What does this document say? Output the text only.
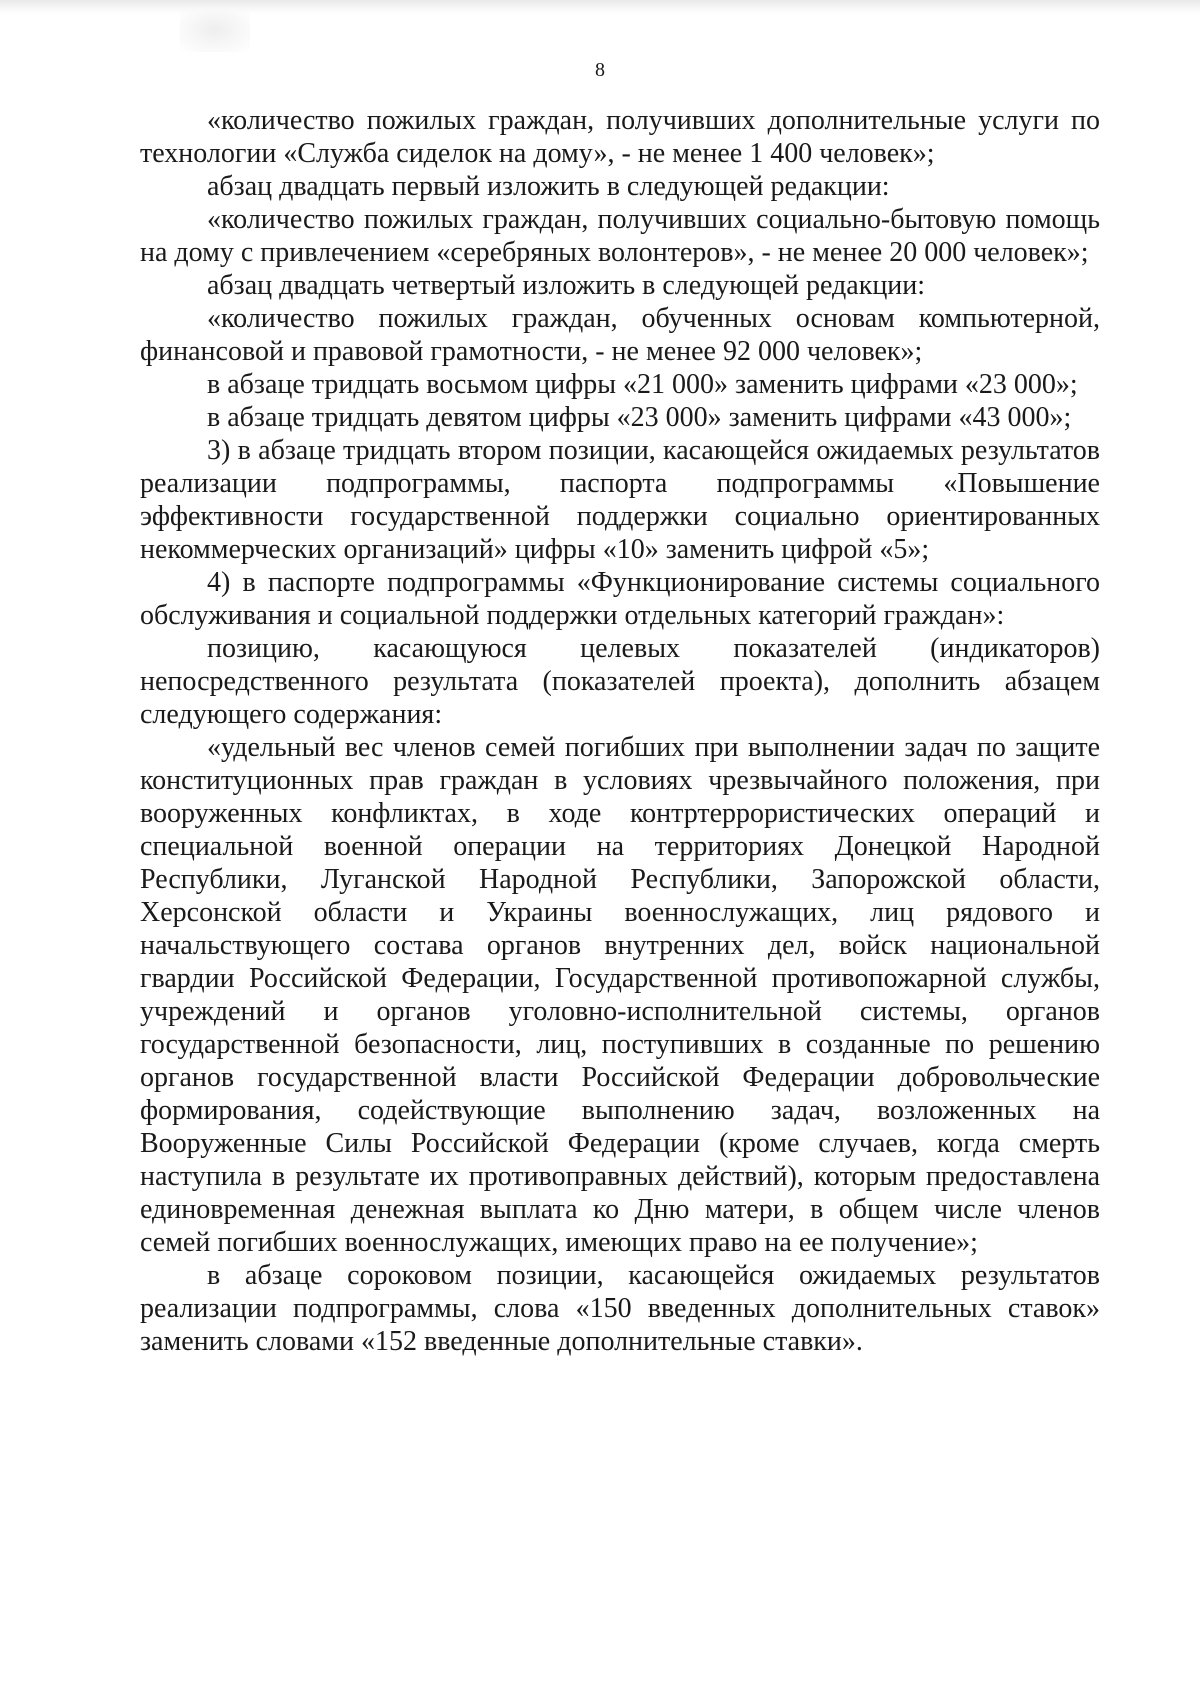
8

«количество пожилых граждан, получивших дополнительные услуги по технологии «Служба сиделок на дому», - не менее 1 400 человек»;

абзац двадцать первый изложить в следующей редакции:

«количество пожилых граждан, получивших социально-бытовую помощь на дому с привлечением «серебряных волонтеров», - не менее 20 000 человек»;

абзац двадцать четвертый изложить в следующей редакции:

«количество пожилых граждан, обученных основам компьютерной, финансовой и правовой грамотности, - не менее 92 000 человек»;

в абзаце тридцать восьмом цифры «21 000» заменить цифрами «23 000»;

в абзаце тридцать девятом цифры «23 000» заменить цифрами «43 000»;

3) в абзаце тридцать втором позиции, касающейся ожидаемых результатов реализации подпрограммы, паспорта подпрограммы «Повышение эффективности государственной поддержки социально ориентированных некоммерческих организаций» цифры «10» заменить цифрой «5»;

4) в паспорте подпрограммы «Функционирование системы социального обслуживания и социальной поддержки отдельных категорий граждан»:

позицию, касающуюся целевых показателей (индикаторов) непосредственного результата (показателей проекта), дополнить абзацем следующего содержания:

«удельный вес членов семей погибших при выполнении задач по защите конституционных прав граждан в условиях чрезвычайного положения, при вооруженных конфликтах, в ходе контртеррористических операций и специальной военной операции на территориях Донецкой Народной Республики, Луганской Народной Республики, Запорожской области, Херсонской области и Украины военнослужащих, лиц рядового и начальствующего состава органов внутренних дел, войск национальной гвардии Российской Федерации, Государственной противопожарной службы, учреждений и органов уголовно-исполнительной системы, органов государственной безопасности, лиц, поступивших в созданные по решению органов государственной власти Российской Федерации добровольческие формирования, содействующие выполнению задач, возложенных на Вооруженные Силы Российской Федерации (кроме случаев, когда смерть наступила в результате их противоправных действий), которым предоставлена единовременная денежная выплата ко Дню матери, в общем числе членов семей погибших военнослужащих, имеющих право на ее получение»;

в абзаце сороковом позиции, касающейся ожидаемых результатов реализации подпрограммы, слова «150 введенных дополнительных ставок» заменить словами «152 введенные дополнительные ставки».
